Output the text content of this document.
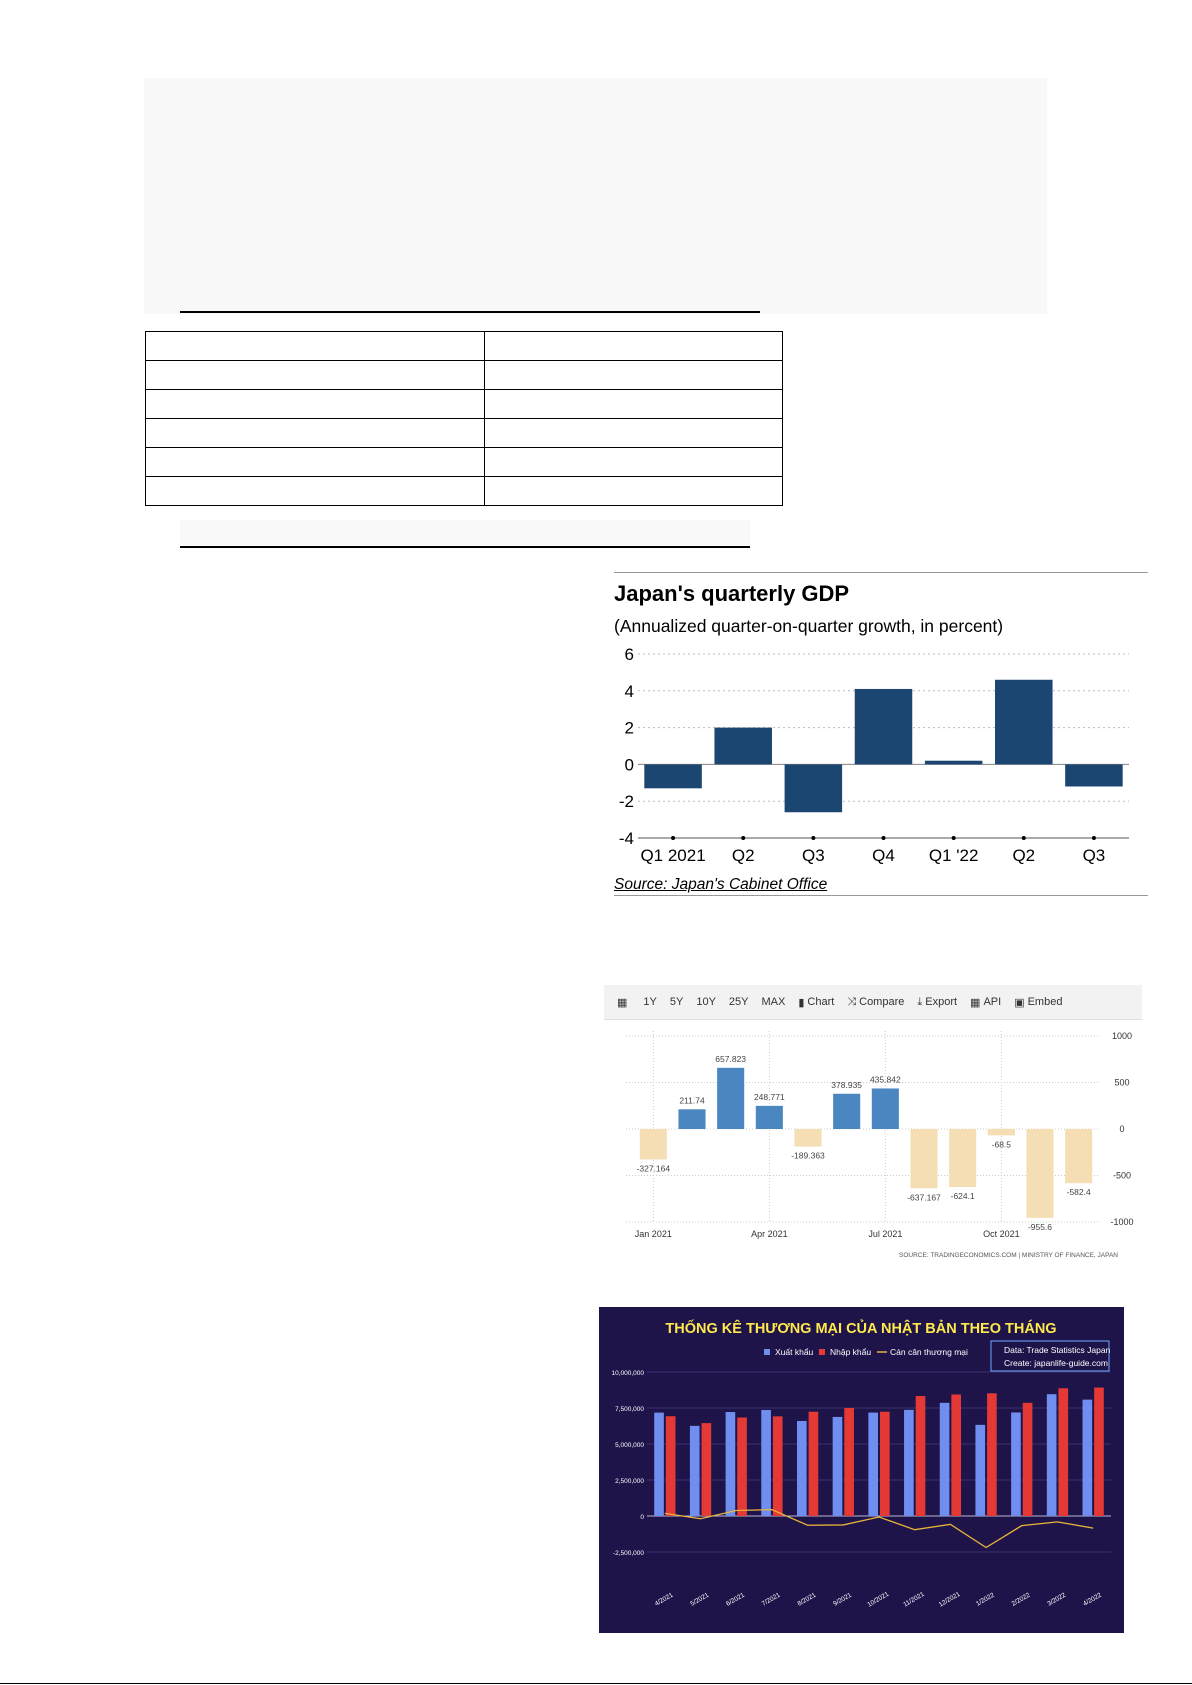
Japan's quarterly GDP
(Annualized quarter-on-quarter growth, in percent)
6
4
2
0
-2
-4
Q1 2021 Q2	Q3	Q4 Q1 '22 Q2	Q3
Source: Japan's Cabinet Office
▦ 1Y 5Y 10Y 25Y MAX ▮ Chart ⤨ Compare ⤓ Export ▦ API ▣ Embed
1000
500
0
-500
-1000
Jan 2021	Apr 2021	Jul 2021	Oct 2021
-327.164
211.74
657.823
248.771
-189.363
378.935
435.842
-637.167 -624.1
-68.5
-955.6
-582.4
SOURCE: TRADINGECONOMICS.COM | MINISTRY OF FINANCE, JAPAN
THỐNG KÊ THƯƠNG MẠI CỦA NHẬT BẢN THEO THÁNG
Xuất khẩu Nhập khẩu Cán cân thương mại	Data: Trade Statistics Japan
Create: japanlife-guide.com
10,000,000
7,500,000
5,000,000
2,500,000
0
-2,500,000
4/2021 5/2021 6/2021 7/2021 8/2021 9/2021 10/2021 11/2021 12/2021 1/2022 2/2022 3/2022 4/2022
